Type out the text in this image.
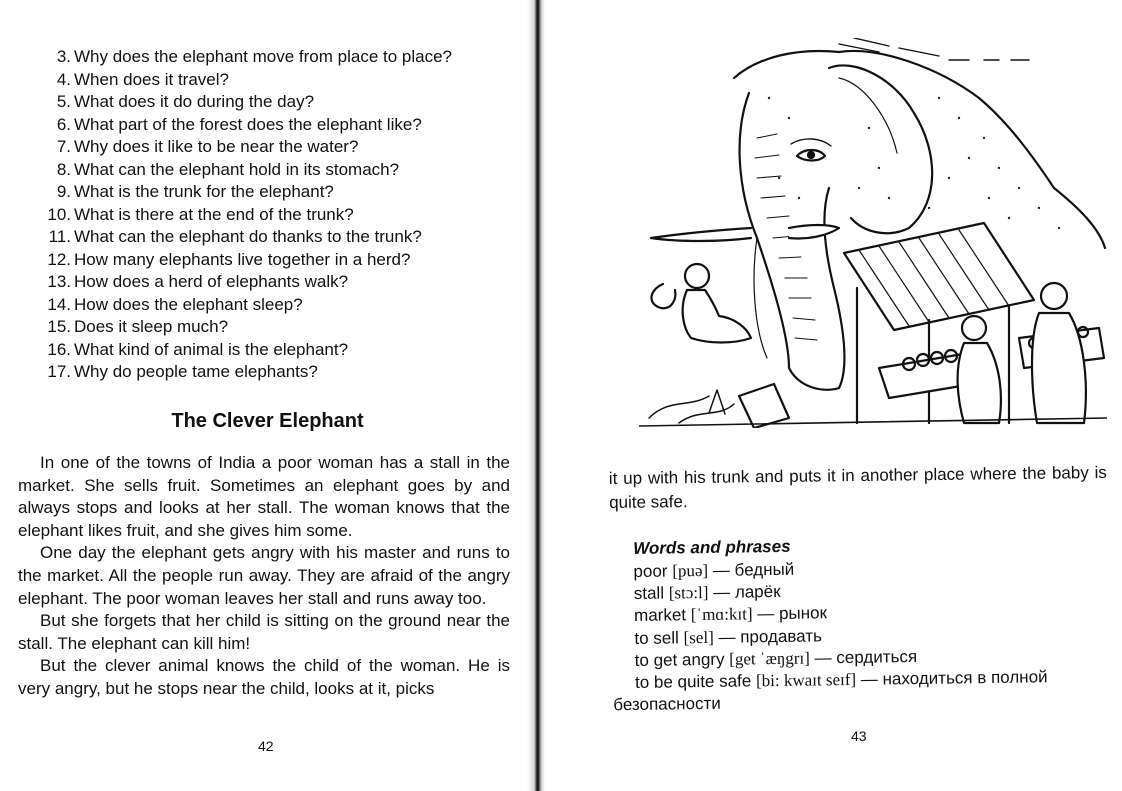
3. Why does the elephant move from place to place?
4. When does it travel?
5. What does it do during the day?
6. What part of the forest does the elephant like?
7. Why does it like to be near the water?
8. What can the elephant hold in its stomach?
9. What is the trunk for the elephant?
10. What is there at the end of the trunk?
11. What can the elephant do thanks to the trunk?
12. How many elephants live together in a herd?
13. How does a herd of elephants walk?
14. How does the elephant sleep?
15. Does it sleep much?
16. What kind of animal is the elephant?
17. Why do people tame elephants?
The Clever Elephant

In one of the towns of India a poor woman has a stall in the market. She sells fruit. Sometimes an elephant goes by and always stops and looks at her stall. The woman knows that the elephant likes fruit, and she gives him some.

One day the elephant gets angry with his master and runs to the market. All the people run away. They are afraid of the angry elephant. The poor woman leaves her stall and runs away too.

But she forgets that her child is sitting on the ground near the stall. The elephant can kill him!

But the clever animal knows the child of the woman. He is very angry, but he stops near the child, looks at it, picks

42

it up with his trunk and puts it in another place where the baby is quite safe.

Words and phrases
poor [puə] — бедный
stall [stɔ:l] — ларёк
market [ˈmɑ:kɪt] — рынок
to sell [sel] — продавать
to get angry [get ˈæŋgrɪ] — сердиться
to be quite safe [bi: kwaɪt seɪf] — находиться в полной
безопасности
43
